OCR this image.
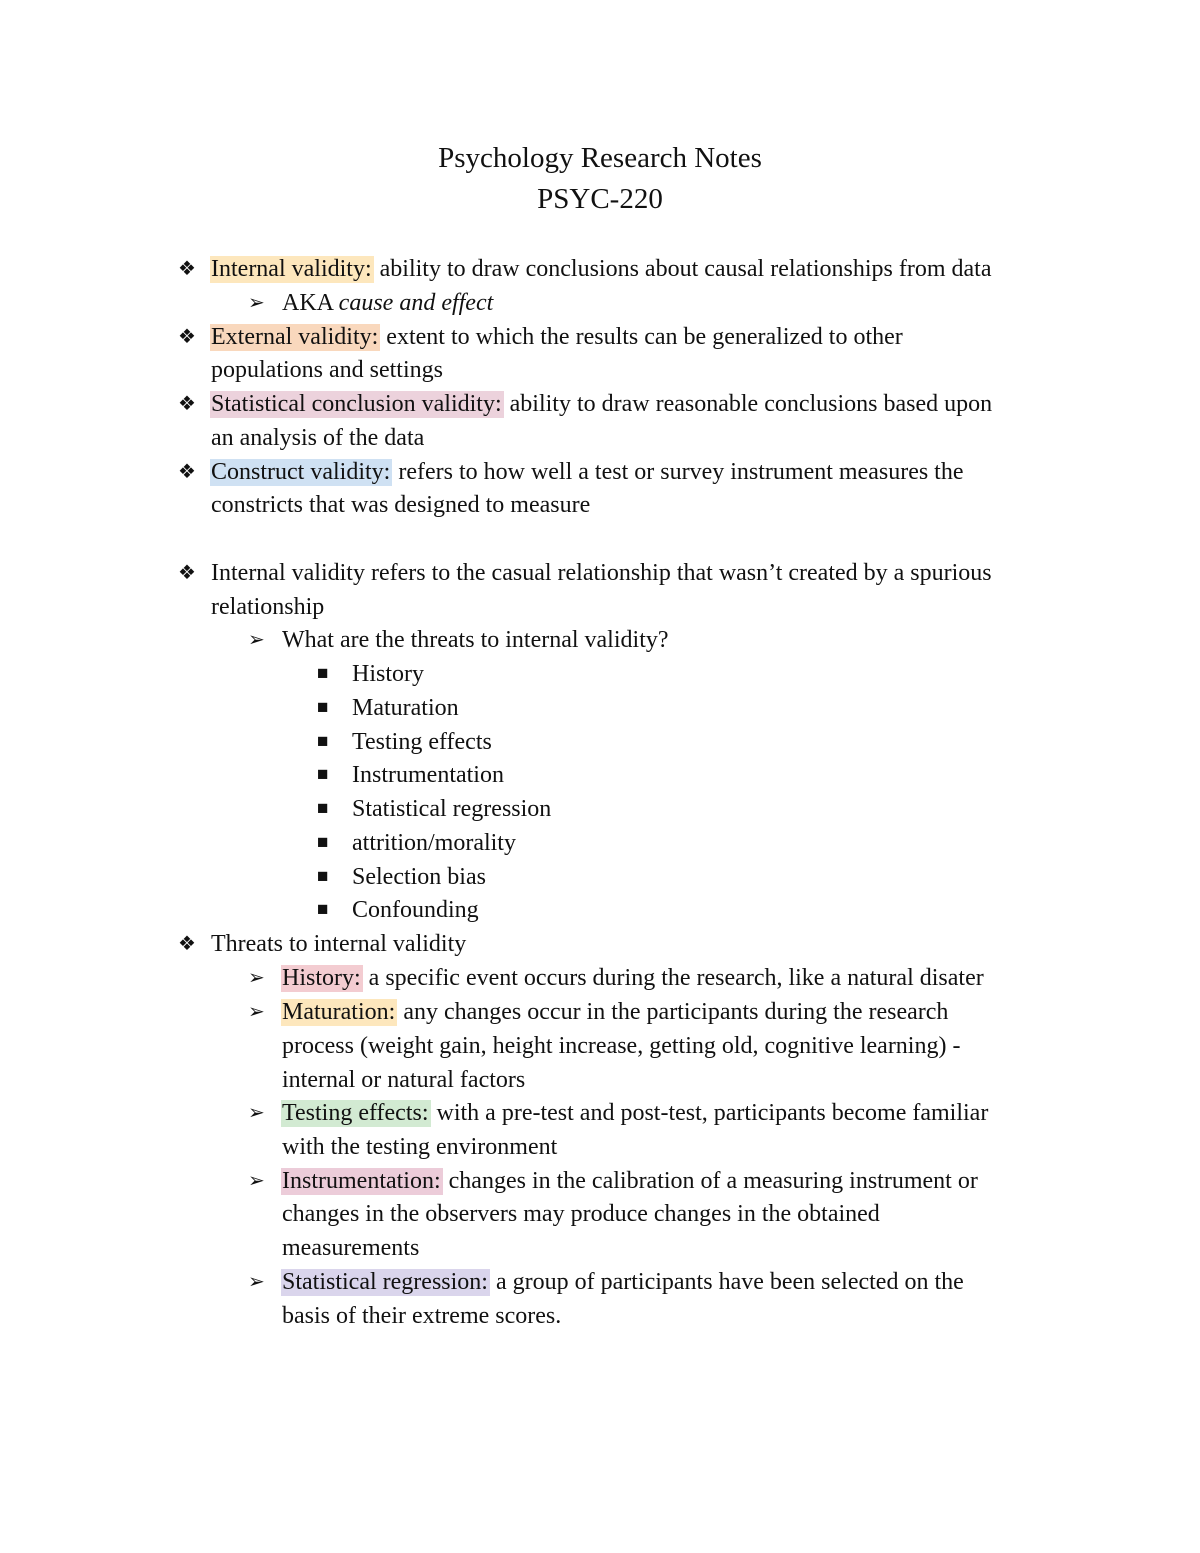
Psychology Research Notes
PSYC-220
❖ Internal validity: ability to draw conclusions about causal relationships from data
➢ AKA cause and effect
❖ External validity: extent to which the results can be generalized to other
populations and settings
❖ Statistical conclusion validity: ability to draw reasonable conclusions based upon
an analysis of the data
❖ Construct validity: refers to how well a test or survey instrument measures the
constricts that was designed to measure
❖ Internal validity refers to the casual relationship that wasn’t created by a spurious
relationship
➢ What are the threats to internal validity?
■ History
■ Maturation
■ Testing effects
■ Instrumentation
■ Statistical regression
■ attrition/morality
■ Selection bias
■ Confounding
❖ Threats to internal validity
➢ History: a specific event occurs during the research, like a natural disater
➢ Maturation: any changes occur in the participants during the research
process (weight gain, height increase, getting old, cognitive learning) -
internal or natural factors
➢ Testing effects: with a pre-test and post-test, participants become familiar
with the testing environment
➢ Instrumentation: changes in the calibration of a measuring instrument or
changes in the observers may produce changes in the obtained
measurements
➢ Statistical regression: a group of participants have been selected on the
basis of their extreme scores.
